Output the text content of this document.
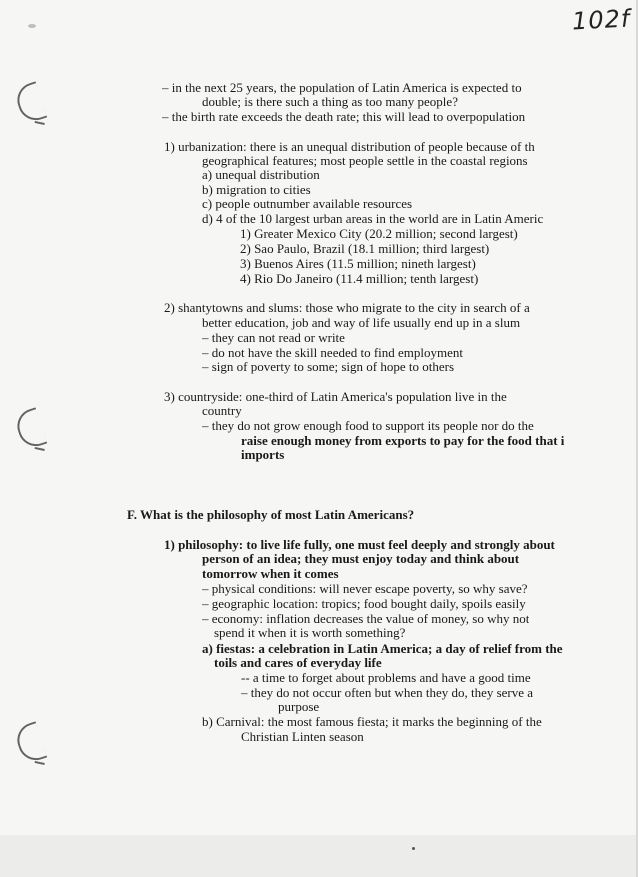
102f
– in the next 25 years, the population of Latin America is expected to
double; is there such a thing as too many people?
– the birth rate exceeds the death rate; this will lead to overpopulation
1) urbanization: there is an unequal distribution of people because of th
geographical features; most people settle in the coastal regions
a) unequal distribution
b) migration to cities
c) people outnumber available resources
d) 4 of the 10 largest urban areas in the world are in Latin Americ
1) Greater Mexico City (20.2 million; second largest)
2) Sao Paulo, Brazil (18.1 million; third largest)
3) Buenos Aires (11.5 million; nineth largest)
4) Rio Do Janeiro (11.4 million; tenth largest)
2) shantytowns and slums: those who migrate to the city in search of a
better education, job and way of life usually end up in a slum
– they can not read or write
– do not have the skill needed to find employment
– sign of poverty to some; sign of hope to others
3) countryside: one-third of Latin America's population live in the
country
– they do not grow enough food to support its people nor do the
raise enough money from exports to pay for the food that i
imports
F. What is the philosophy of most Latin Americans?
1) philosophy: to live life fully, one must feel deeply and strongly about
person of an idea; they must enjoy today and think about
tomorrow when it comes
– physical conditions: will never escape poverty, so why save?
– geographic location: tropics; food bought daily, spoils easily
– economy: inflation decreases the value of money, so why not
spend it when it is worth something?
a) fiestas: a celebration in Latin America; a day of relief from the
toils and cares of everyday life
-- a time to forget about problems and have a good time
– they do not occur often but when they do, they serve a
purpose
b) Carnival: the most famous fiesta; it marks the beginning of the
Christian Linten season
